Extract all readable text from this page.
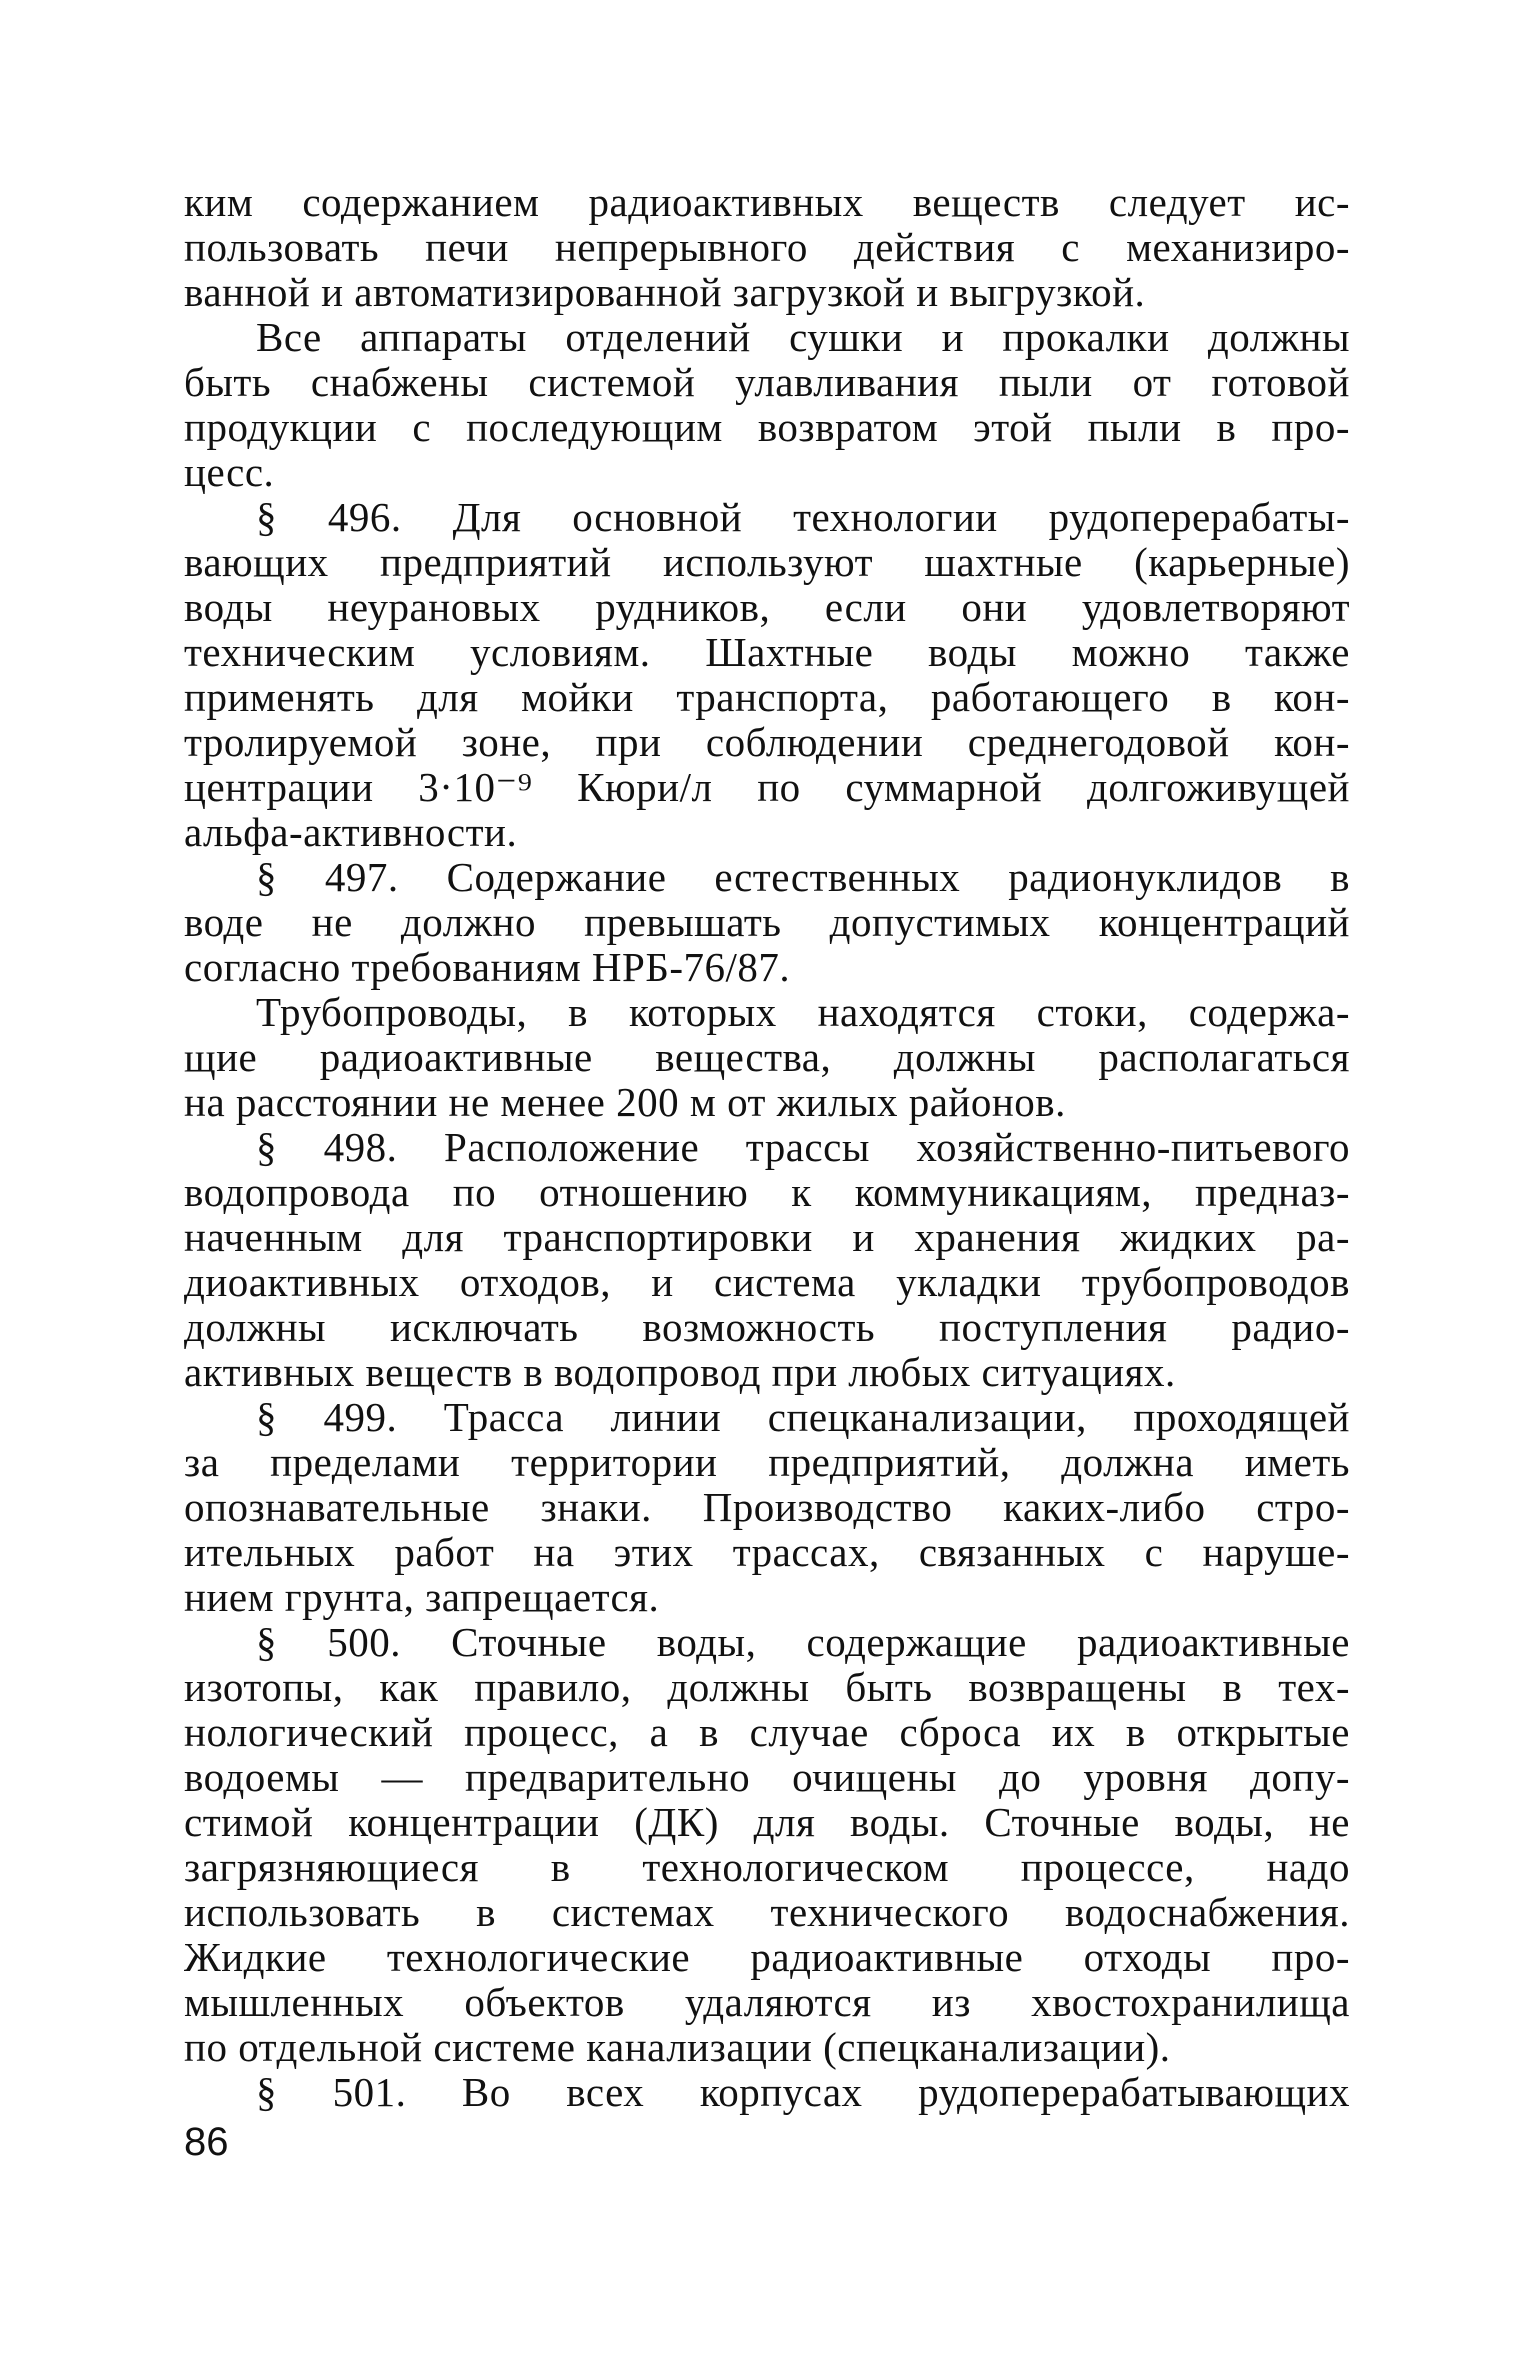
ким содержанием радиоактивных веществ следует ис-
пользовать печи непрерывного действия с механизиро-
ванной и автоматизированной загрузкой и выгрузкой.
Все аппараты отделений сушки и прокалки должны
быть снабжены системой улавливания пыли от готовой
продукции с последующим возвратом этой пыли в про-
цесс.
§ 496. Для основной технологии рудоперерабаты-
вающих предприятий используют шахтные (карьерные)
воды неурановых рудников, если они удовлетворяют
техническим условиям. Шахтные воды можно также
применять для мойки транспорта, работающего в кон-
тролируемой зоне, при соблюдении среднегодовой кон-
центрации 3·10⁻⁹ Кюри/л по суммарной долгоживущей
альфа-активности.
§ 497. Содержание естественных радионуклидов в
воде не должно превышать допустимых концентраций
согласно требованиям НРБ-76/87.
Трубопроводы, в которых находятся стоки, содержа-
щие радиоактивные вещества, должны располагаться
на расстоянии не менее 200 м от жилых районов.
§ 498. Расположение трассы хозяйственно-питьевого
водопровода по отношению к коммуникациям, предназ-
наченным для транспортировки и хранения жидких ра-
диоактивных отходов, и система укладки трубопроводов
должны исключать возможность поступления радио-
активных веществ в водопровод при любых ситуациях.
§ 499. Трасса линии спецканализации, проходящей
за пределами территории предприятий, должна иметь
опознавательные знаки. Производство каких-либо стро-
ительных работ на этих трассах, связанных с наруше-
нием грунта, запрещается.
§ 500. Сточные воды, содержащие радиоактивные
изотопы, как правило, должны быть возвращены в тех-
нологический процесс, а в случае сброса их в открытые
водоемы — предварительно очищены до уровня допу-
стимой концентрации (ДК) для воды. Сточные воды, не
загрязняющиеся в технологическом процессе, надо
использовать в системах технического водоснабжения.
Жидкие технологические радиоактивные отходы про-
мышленных объектов удаляются из хвостохранилища
по отдельной системе канализации (спецканализации).
§ 501. Во всех корпусах рудоперерабатывающих
86
